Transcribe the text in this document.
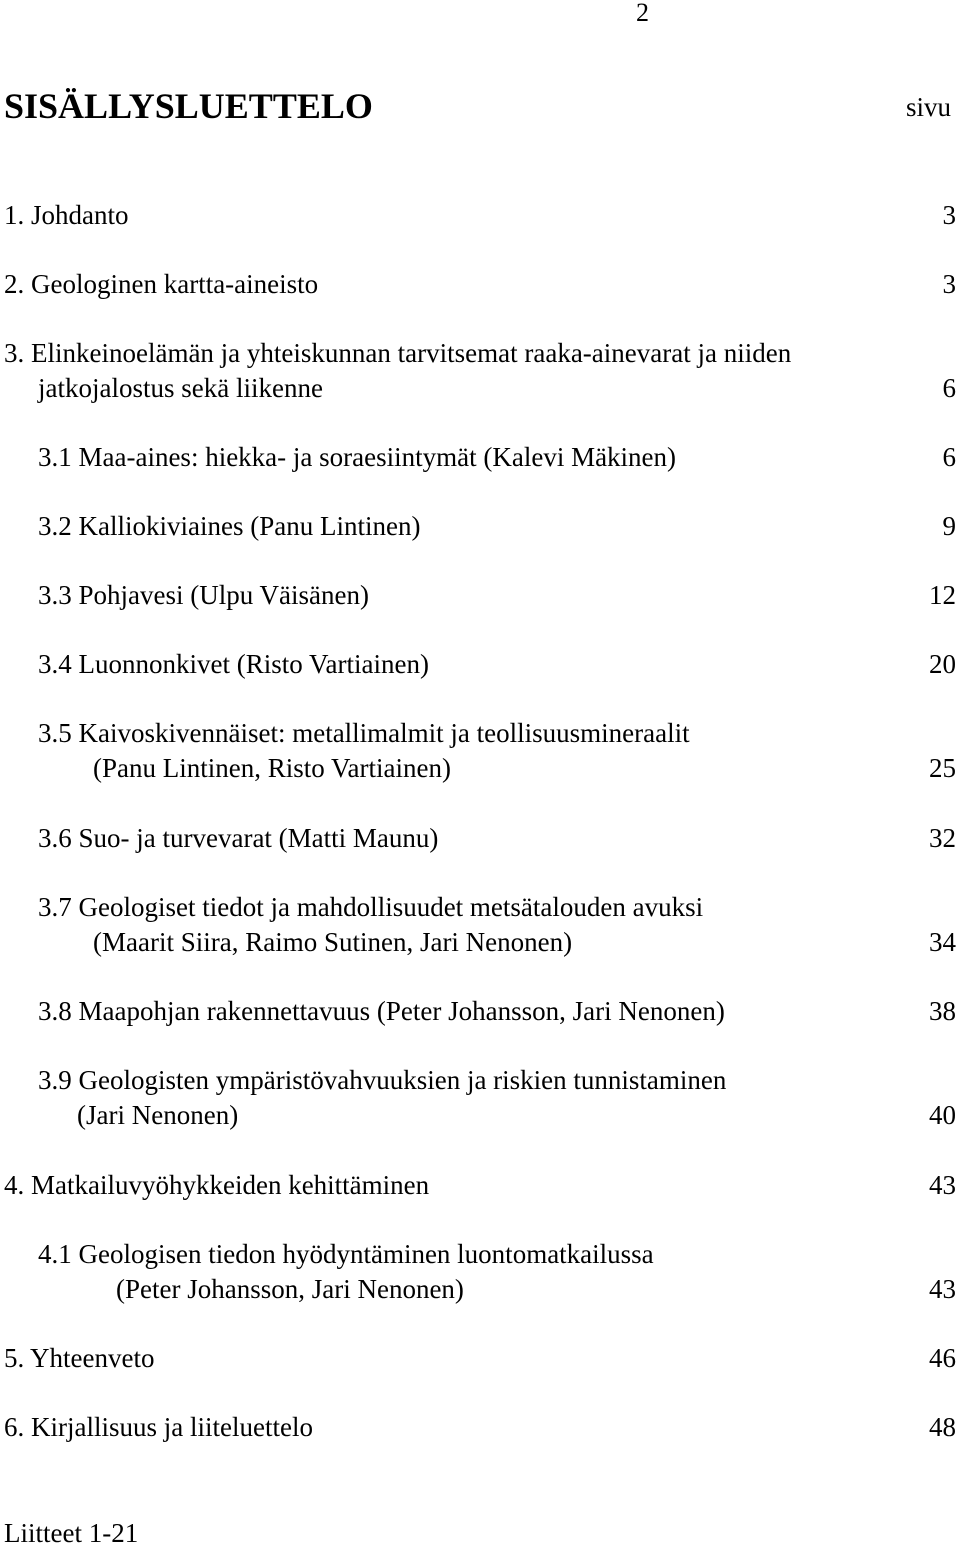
2
SISÄLLYSLUETTELO	sivu
1. Johdanto	3
2. Geologinen kartta-aineisto	3
3. Elinkeinoelämän ja yhteiskunnan tarvitsemat raaka-ainevarat ja niiden
jatkojalostus sekä liikenne	6
3.1 Maa-aines: hiekka- ja soraesiintymät (Kalevi Mäkinen)	6
3.2 Kalliokiviaines (Panu Lintinen)	9
3.3 Pohjavesi (Ulpu Väisänen)	12
3.4 Luonnonkivet (Risto Vartiainen)	20
3.5 Kaivoskivennäiset: metallimalmit ja teollisuusmineraalit
(Panu Lintinen, Risto Vartiainen)	25
3.6 Suo- ja turvevarat (Matti Maunu)	32
3.7 Geologiset tiedot ja mahdollisuudet metsätalouden avuksi
(Maarit Siira, Raimo Sutinen, Jari Nenonen)	34
3.8 Maapohjan rakennettavuus (Peter Johansson, Jari Nenonen)	38
3.9 Geologisten ympäristövahvuuksien ja riskien tunnistaminen
(Jari Nenonen)	40
4. Matkailuvyöhykkeiden kehittäminen	43
4.1 Geologisen tiedon hyödyntäminen luontomatkailussa
(Peter Johansson, Jari Nenonen)	43
5. Yhteenveto	46
6. Kirjallisuus ja liiteluettelo	48
Liitteet 1-21
